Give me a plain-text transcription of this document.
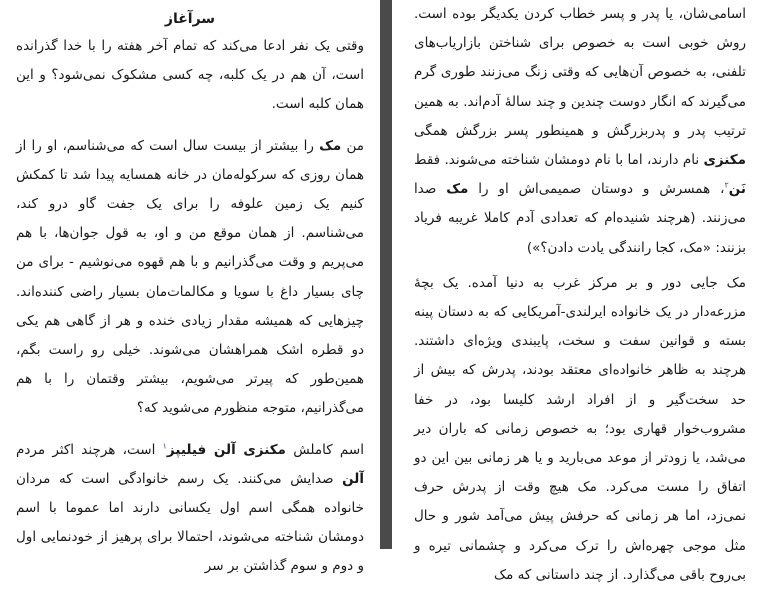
سرآغاز

وقتی یک نفر ادعا می‌کند که تمام آخر هفته را با خدا گذرانده است، آن هم در یک کلبه، چه کسی مشکوک نمی‌شود؟ و این همان کلبه است.

من مک را بیشتر از بیست سال است که می‌شناسم، او را از همان روزی که سرکوله‌مان در خانه همسایه پیدا شد تا کمکش کنیم یک زمین علوفه را برای یک جفت گاو درو کند، می‌شناسم. از همان موقع من و او، به قول جوان‌ها، با هم می‌پریم و وقت می‌گذرانیم و با هم قهوه می‌نوشیم - برای من چای بسیار داغ با سویا و مکالمات‌مان بسیار راضی کننده‌اند. چیزهایی که همیشه مقدار زیادی خنده و هر از گاهی هم یکی دو قطره اشک همراهشان می‌شوند. خیلی رو راست بگم، همین‌طور که پیرتر می‌شویم، بیشتر وقتمان را با هم می‌گذرانیم، متوجه منظورم می‌شوید که؟

اسم کاملش مکنزی آلن فیلیپز$^۱$ است، هرچند اکثر مردم آلن صدایش می‌کنند. یک رسم خانوادگی است که مردان خانواده همگی اسم اول یکسانی دارند اما عموما با اسم دومشان شناخته می‌شوند، احتمالا برای پرهیز از خودنمایی اول و دوم و سوم گذاشتن بر سر

اسامی‌شان، یا پدر و پسر خطاب کردن یکدیگر بوده است. روش خوبی است به خصوص برای شناختن بازاریاب‌های تلفنی، به خصوص آن‌هایی که وقتی زنگ می‌زنند طوری گرم می‌گیرند که انگار دوست چندین و چند سالهٔ آدم‌اند. به همین ترتیب پدر و پدربزرگش و همینطور پسر بزرگش همگی مکنزی نام دارند، اما با نام دومشان شناخته می‌شوند. فقط نَن$^۲$، همسرش و دوستان صمیمی‌اش او را مک صدا می‌زنند. (هرچند شنیده‌ام که تعدادی آدم کاملا غریبه فریاد بزنند: «مک، کجا رانندگی یادت دادن؟»)

مک جایی دور و بر مرکز غرب به دنیا آمده. یک بچهٔ مزرعه‌دار در یک خانواده ایرلندی-آمریکایی که به دستان پینه بسته و قوانین سفت و سخت، پایبندی ویژه‌ای داشتند. هرچند به ظاهر خانواده‌ای معتقد بودند، پدرش که بیش از حد سخت‌گیر و از افراد ارشد کلیسا بود، در خفا مشروب‌خوار قهاری بود؛ به خصوص زمانی که باران دیر می‌شد، یا زودتر از موعد می‌بارید و یا هر زمانی بین این دو اتفاق را مست می‌کرد. مک هیچ وقت از پدرش حرف نمی‌زد، اما هر زمانی که حرفش پیش می‌آمد شور و حال مثل موجی چهره‌اش را ترک می‌کرد و چشمانی تیره و بی‌روح باقی می‌گذارد. از چند داستانی که مک
